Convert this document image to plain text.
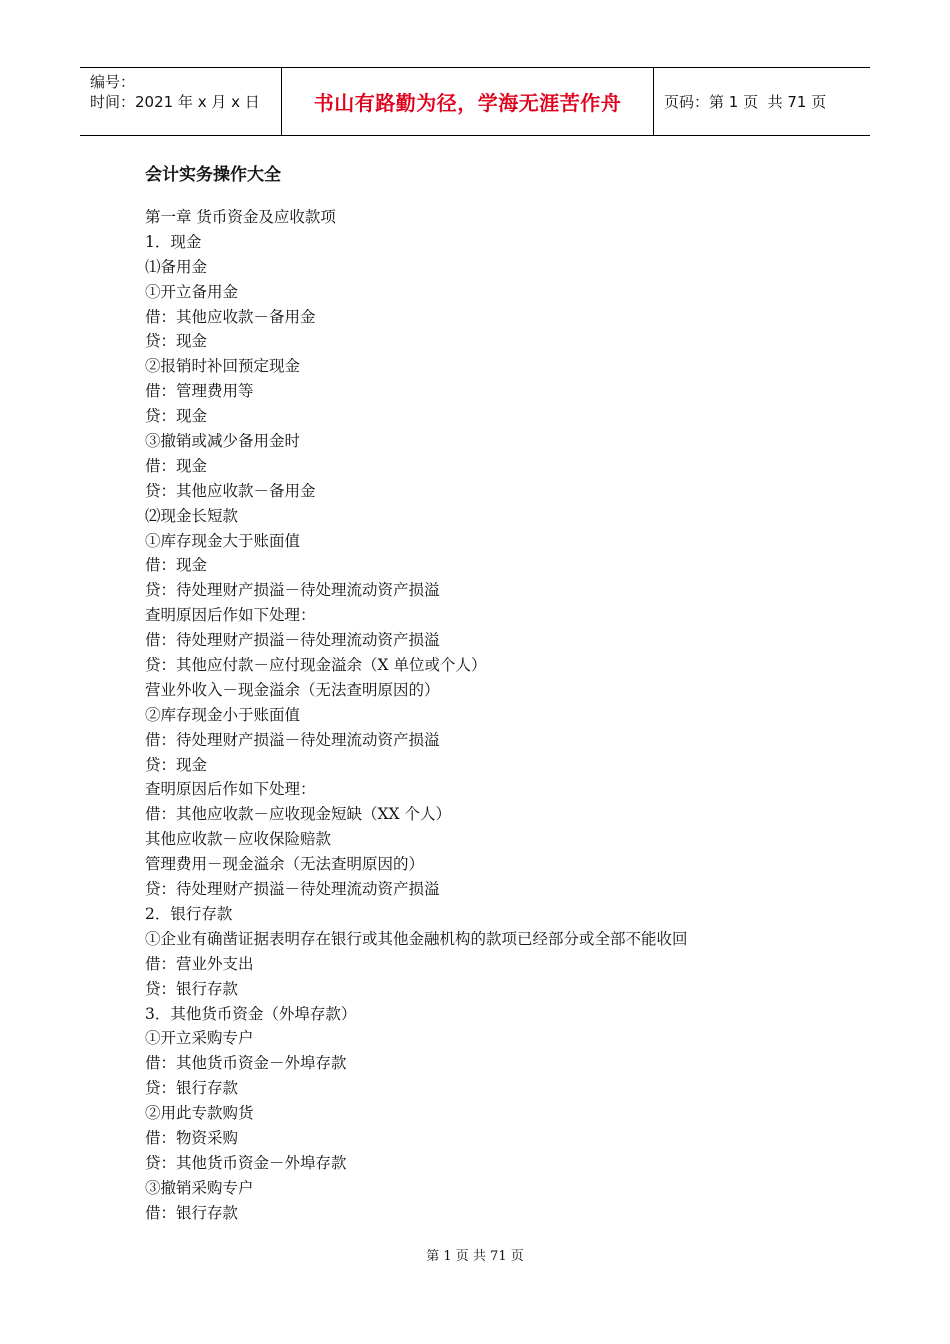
编号：
时间：2021 年 x 月 x 日	书山有路勤为径，学海无涯苦作舟	页码：第 1 页  共 71 页
会计实务操作大全
第一章 货币资金及应收款项
1．现金
⑴备用金
①开立备用金
借：其他应收款－备用金
贷：现金
②报销时补回预定现金
借：管理费用等
贷：现金
③撤销或减少备用金时
借：现金
贷：其他应收款－备用金
⑵现金长短款
①库存现金大于账面值
借：现金
贷：待处理财产损溢－待处理流动资产损溢
查明原因后作如下处理：
借：待处理财产损溢－待处理流动资产损溢
贷：其他应付款－应付现金溢余（X 单位或个人）
营业外收入－现金溢余（无法查明原因的）
②库存现金小于账面值
借：待处理财产损溢－待处理流动资产损溢
贷：现金
查明原因后作如下处理：
借：其他应收款－应收现金短缺（XX 个人）
其他应收款－应收保险赔款
管理费用－现金溢余（无法查明原因的）
贷：待处理财产损溢－待处理流动资产损溢
2．银行存款
①企业有确凿证据表明存在银行或其他金融机构的款项已经部分或全部不能收回
借：营业外支出
贷：银行存款
3．其他货币资金（外埠存款）
①开立采购专户
借：其他货币资金－外埠存款
贷：银行存款
②用此专款购货
借：物资采购
贷：其他货币资金－外埠存款
③撤销采购专户
借：银行存款
第 1 页 共 71 页
